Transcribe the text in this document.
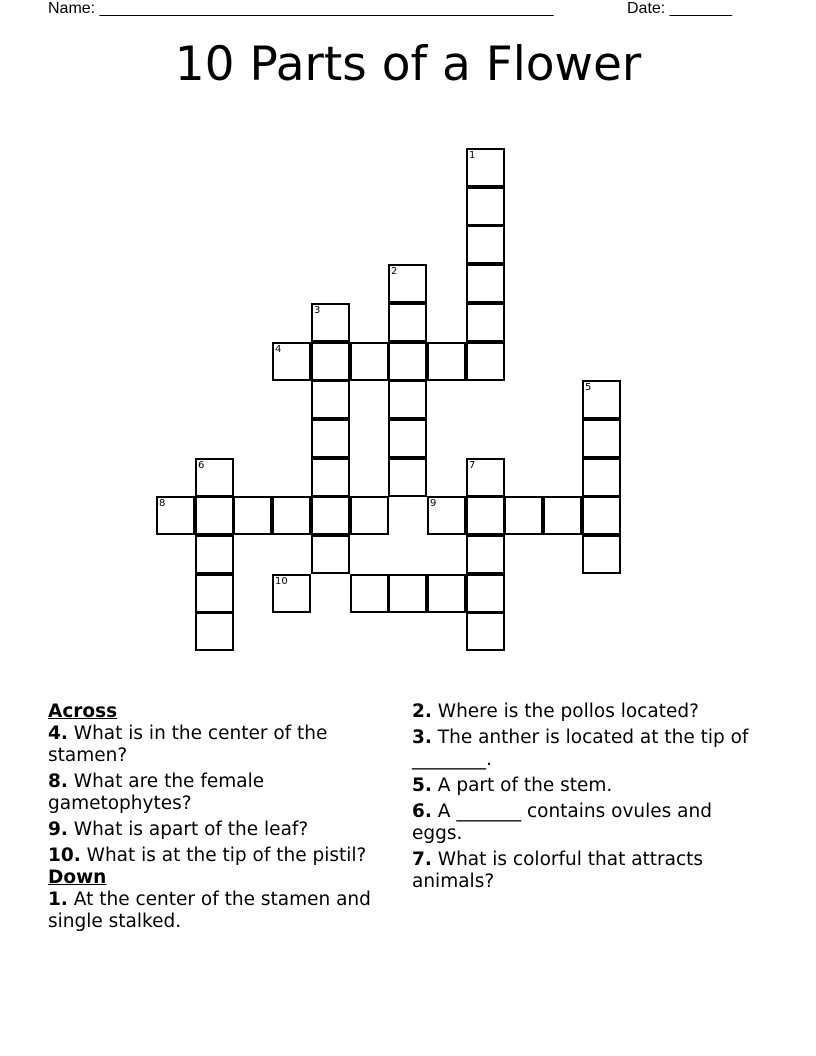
Name: ___________________________________________________	Date: _______
10 Parts of a Flower
1
2
3
4
5
6	7
8	9
10
Across
4. What is in the center of the stamen?
8. What are the female gametophytes?
9. What is apart of the leaf?
10. What is at the tip of the pistil?
Down
1. At the center of the stamen and single stalked.
2. Where is the pollos located?
3. The anther is located at the tip of ________.
5. A part of the stem.
6. A _______ contains ovules and eggs.
7. What is colorful that attracts animals?
